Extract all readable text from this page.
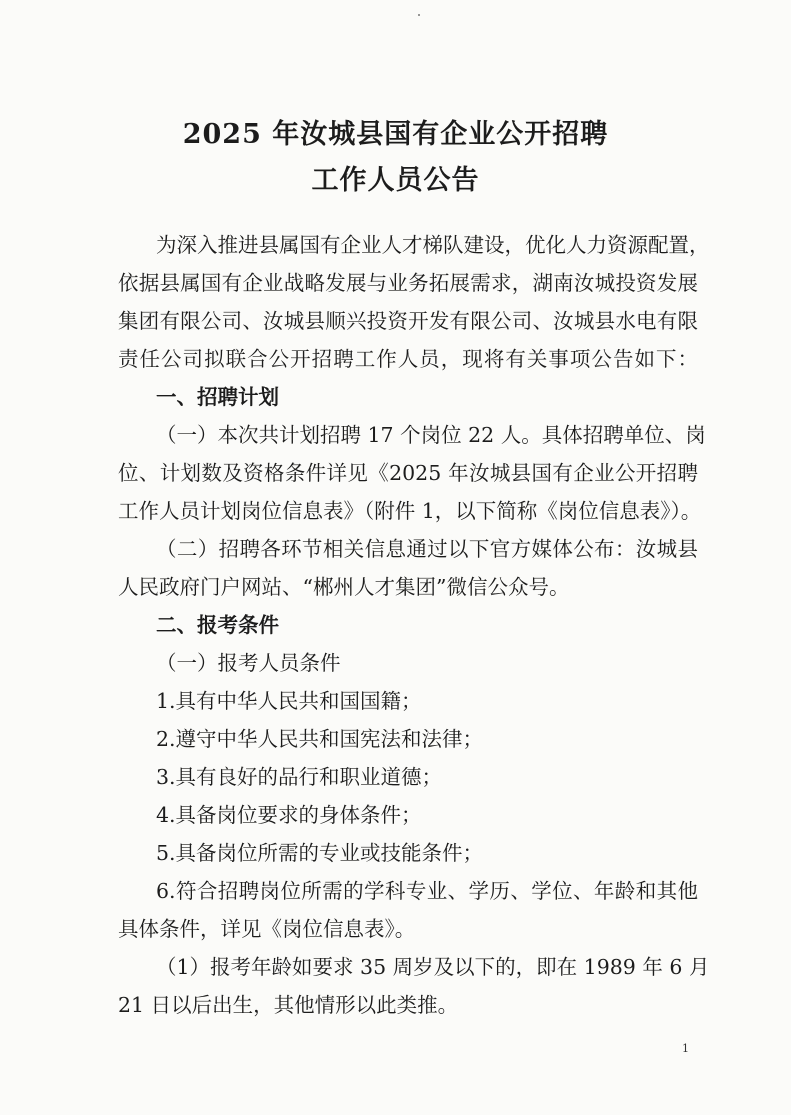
2025 年汝城县国有企业公开招聘
工作人员公告
为深入推进县属国有企业人才梯队建设，优化人力资源配置，
依据县属国有企业战略发展与业务拓展需求，湖南汝城投资发展
集团有限公司、汝城县顺兴投资开发有限公司、汝城县水电有限
责任公司拟联合公开招聘工作人员，现将有关事项公告如下：
一、招聘计划
（一）本次共计划招聘 17 个岗位 22 人。具体招聘单位、岗
位、计划数及资格条件详见《2025 年汝城县国有企业公开招聘
工作人员计划岗位信息表》（附件 1，以下简称《岗位信息表》）。
（二）招聘各环节相关信息通过以下官方媒体公布：汝城县
人民政府门户网站、“郴州人才集团”微信公众号。
二、报考条件
（一）报考人员条件
1.具有中华人民共和国国籍；
2.遵守中华人民共和国宪法和法律；
3.具有良好的品行和职业道德；
4.具备岗位要求的身体条件；
5.具备岗位所需的专业或技能条件；
6.符合招聘岗位所需的学科专业、学历、学位、年龄和其他
具体条件，详见《岗位信息表》。
（1）报考年龄如要求 35 周岁及以下的，即在 1989 年 6 月
21 日以后出生，其他情形以此类推。
1
